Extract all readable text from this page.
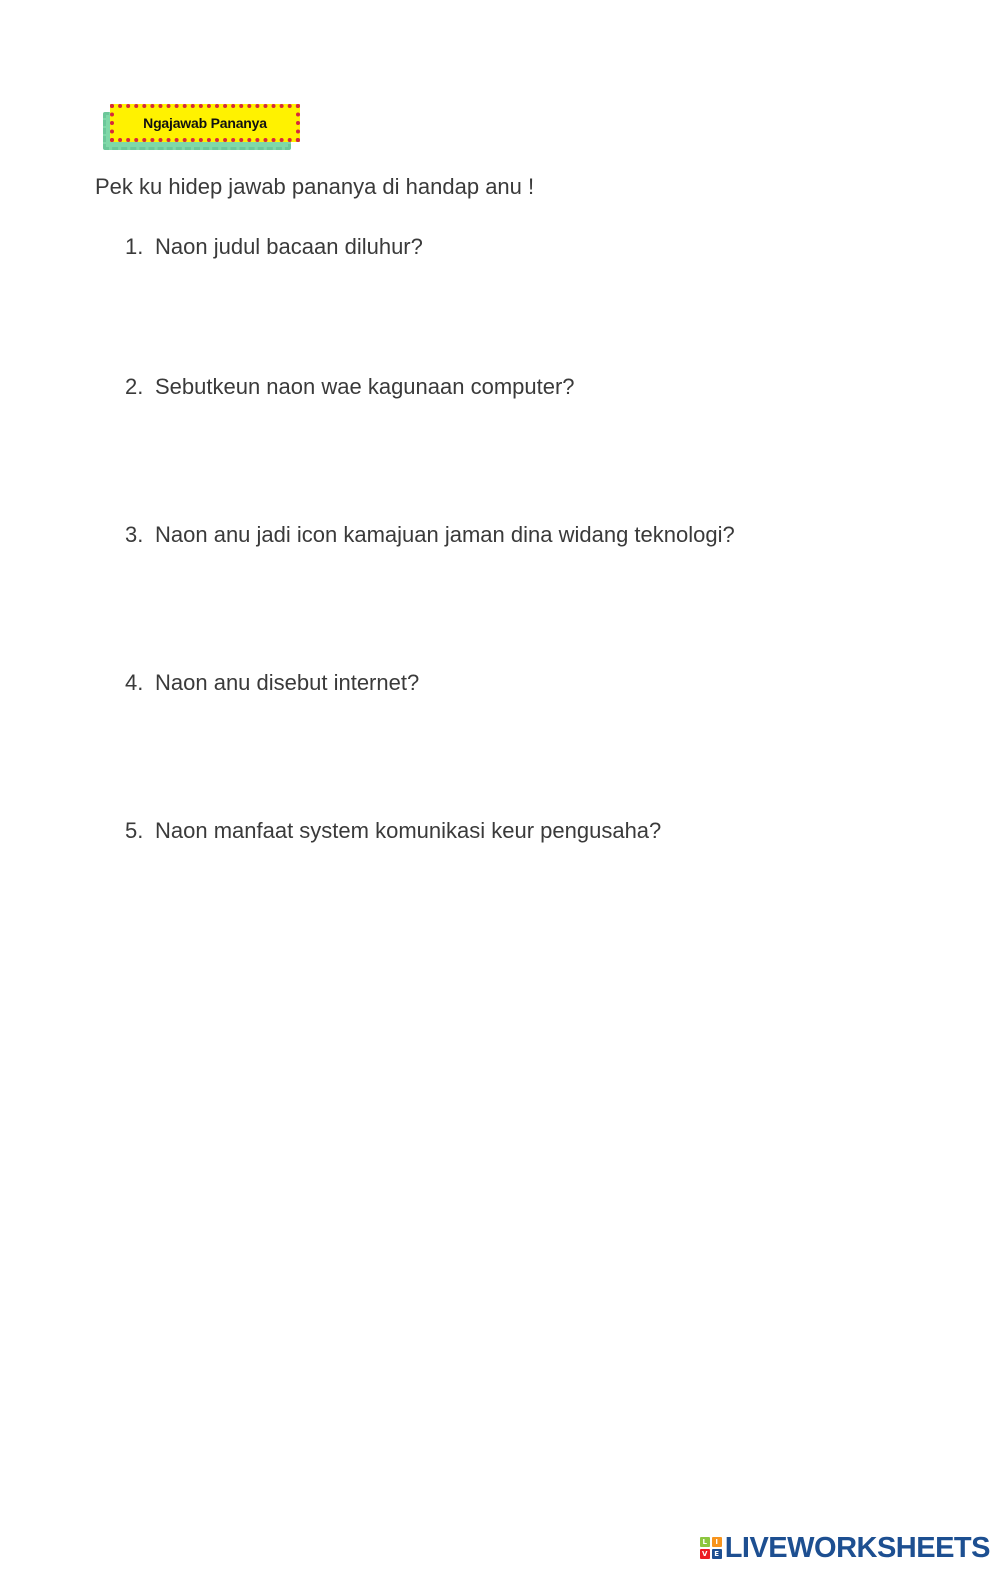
Ngajawab Pananya
Pek ku hidep jawab pananya di handap anu !
1. Naon judul bacaan diluhur?
2. Sebutkeun naon wae kagunaan computer?
3. Naon anu jadi icon kamajuan jaman dina widang teknologi?
4. Naon anu disebut internet?
5. Naon manfaat system komunikasi keur pengusaha?
L	I
V E LIVEWORKSHEETS
